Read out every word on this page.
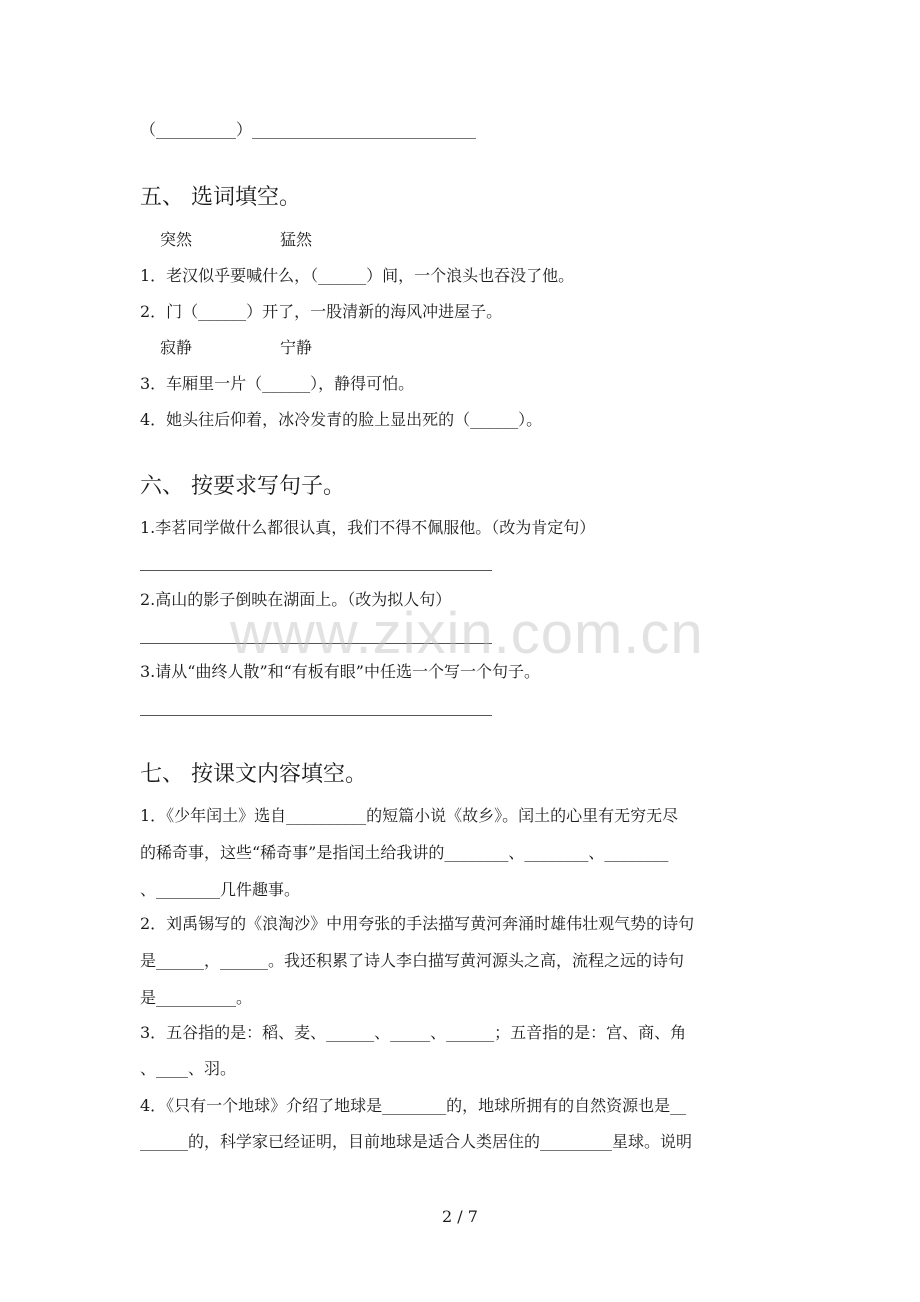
（__________）____________________________
五、 选词填空。
突然	猛然
1．老汉似乎要喊什么，（______）间，一个浪头也吞没了他。
2．门（______）开了，一股清新的海风冲进屋子。
寂静	宁静
3．车厢里一片（______），静得可怕。
4．她头往后仰着，冰冷发青的脸上显出死的（______）。
六、 按要求写句子。
1.李茗同学做什么都很认真，我们不得不佩服他。（改为肯定句）
2.高山的影子倒映在湖面上。（改为拟人句）
3.请从“曲终人散”和“有板有眼”中任选一个写一个句子。
七、 按课文内容填空。
1．《少年闰土》选自__________的短篇小说《故乡》。闰土的心里有无穷无尽
的稀奇事，这些“稀奇事”是指闰土给我讲的________、________、________
、________几件趣事。
2．刘禹锡写的《浪淘沙》中用夸张的手法描写黄河奔涌时雄伟壮观气势的诗句
是______，______。我还积累了诗人李白描写黄河源头之高，流程之远的诗句
是__________。
3．五谷指的是：稻、麦、______、_____、______；五音指的是：宫、商、角
、____、羽。
4．《只有一个地球》介绍了地球是________的，地球所拥有的自然资源也是__
______的，科学家已经证明，目前地球是适合人类居住的_________星球。说明
www.zixin.com.cn
2 / 7
